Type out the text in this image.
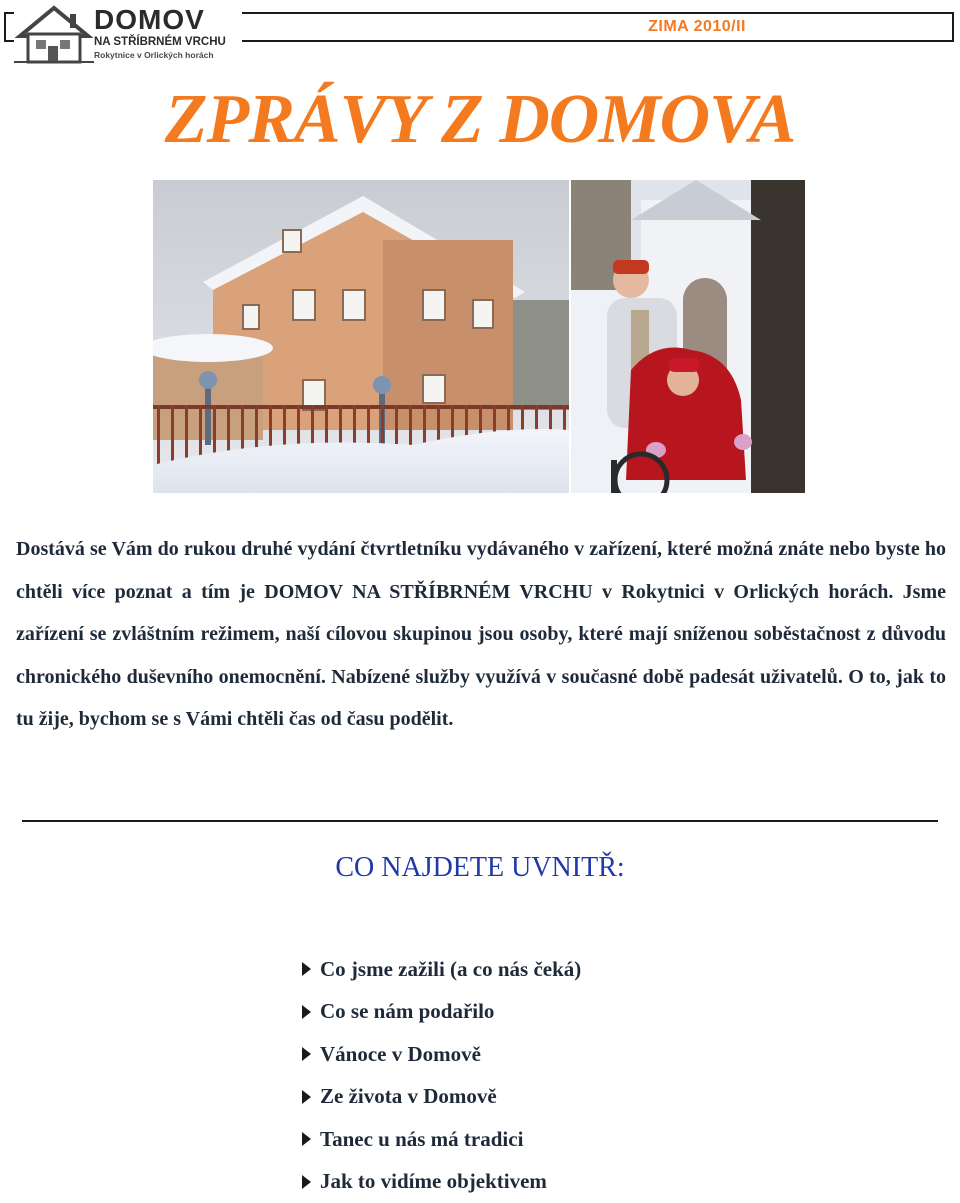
DOMOV
NA STŘÍBRNÉM VRCHU
Rokytnice v Orlických horách
ZIMA 2010/II
ZPRÁVY Z DOMOVA
Dostává se Vám do rukou druhé vydání čtvrtletníku vydávaného v zařízení, které možná znáte nebo byste ho chtěli více poznat a tím je DOMOV NA STŘÍBRNÉM VRCHU v Rokytnici v Orlických horách. Jsme zařízení se zvláštním režimem, naší cílovou skupinou jsou osoby, které mají sníženou soběstačnost z důvodu chronického duševního onemocnění. Nabízené služby využívá v současné době padesát uživatelů. O to, jak to tu žije, bychom se s Vámi chtěli čas od času podělit.
CO NAJDETE UVNITŘ:
Co jsme zažili (a co nás čeká)
Co se nám podařilo
Vánoce v Domově
Ze života v Domově
Tanec u nás má tradici
Jak to vidíme objektivem
